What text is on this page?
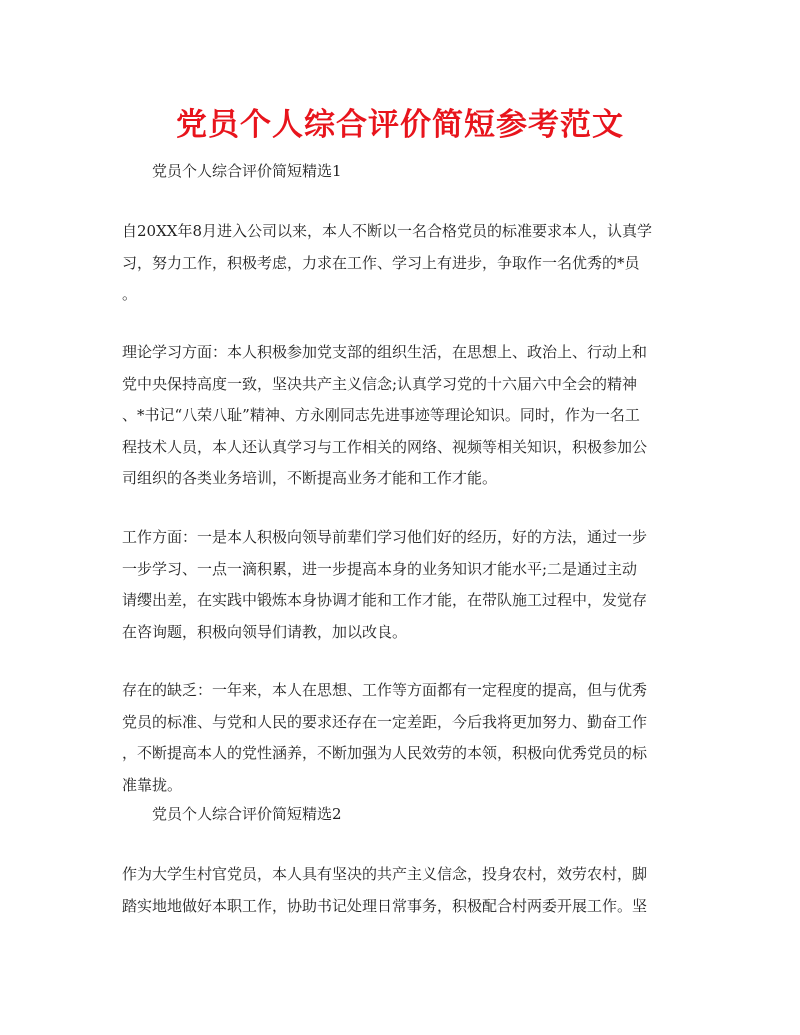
党员个人综合评价简短参考范文
党员个人综合评价简短精选1
自20XX年8月进入公司以来，本人不断以一名合格党员的标准要求本人，认真学
习，努力工作，积极考虑，力求在工作、学习上有进步，争取作一名优秀的*员
。
理论学习方面：本人积极参加党支部的组织生活，在思想上、政治上、行动上和
党中央保持高度一致，坚决共产主义信念;认真学习党的十六届六中全会的精神
、*书记“八荣八耻”精神、方永刚同志先进事迹等理论知识。同时，作为一名工
程技术人员，本人还认真学习与工作相关的网络、视频等相关知识，积极参加公
司组织的各类业务培训，不断提高业务才能和工作才能。
工作方面：一是本人积极向领导前辈们学习他们好的经历，好的方法，通过一步
一步学习、一点一滴积累，进一步提高本身的业务知识才能水平;二是通过主动
请缨出差，在实践中锻炼本身协调才能和工作才能，在带队施工过程中，发觉存
在咨询题，积极向领导们请教，加以改良。
存在的缺乏：一年来，本人在思想、工作等方面都有一定程度的提高，但与优秀
党员的标准、与党和人民的要求还存在一定差距，今后我将更加努力、勤奋工作
，不断提高本人的党性涵养，不断加强为人民效劳的本领，积极向优秀党员的标
准靠拢。
党员个人综合评价简短精选2
作为大学生村官党员，本人具有坚决的共产主义信念，投身农村，效劳农村，脚
踏实地地做好本职工作，协助书记处理日常事务，积极配合村两委开展工作。坚
